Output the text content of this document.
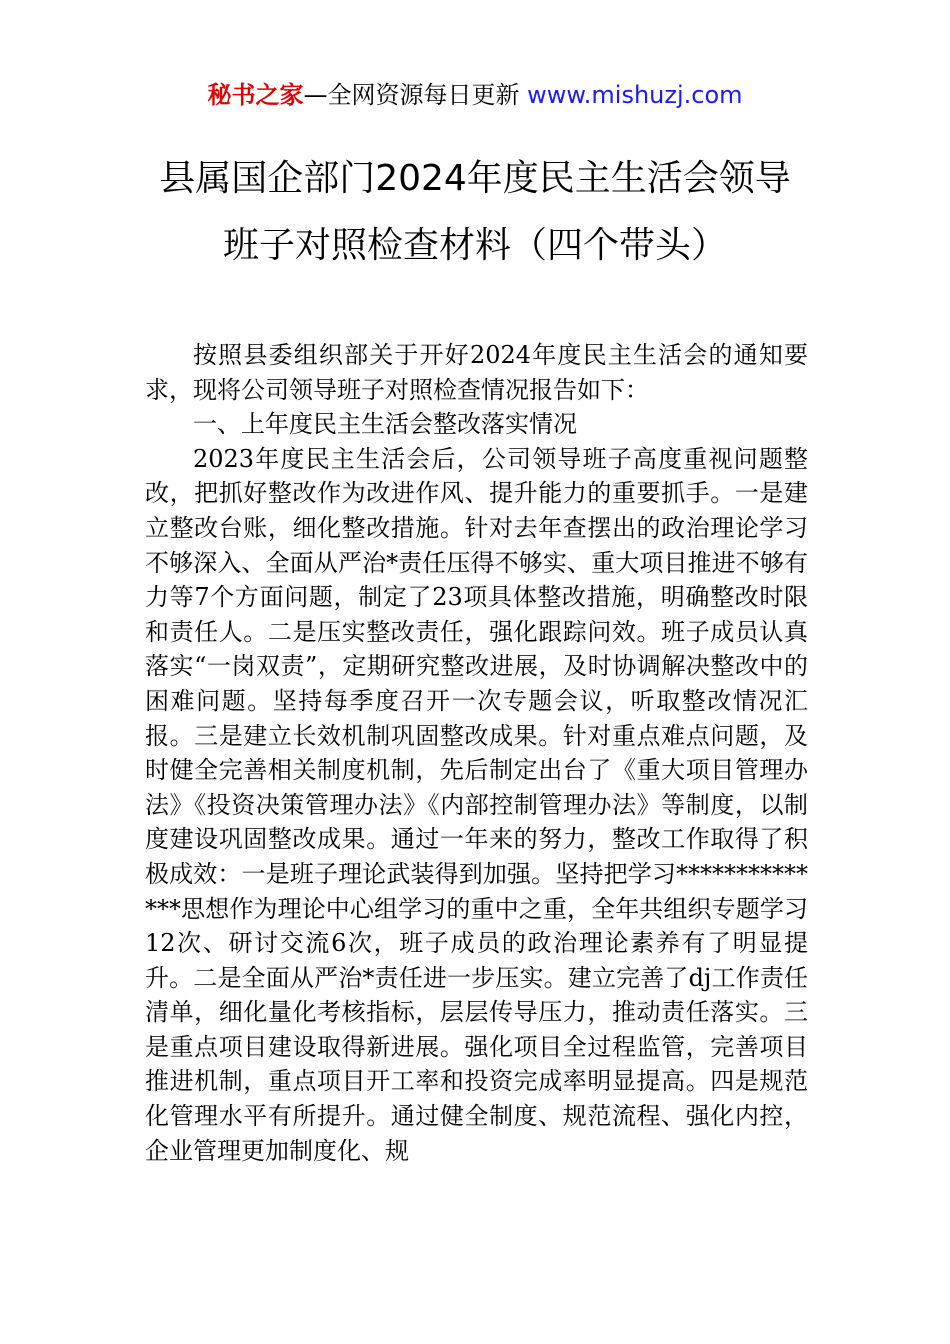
秘书之家—全网资源每日更新 www.mishuzj.com
县属国企部门2024年度民主生活会领导
班子对照检查材料（四个带头）

按照县委组织部关于开好2024年度民主生活会的通知要求，现将公司领导班子对照检查情况报告如下：

一、上年度民主生活会整改落实情况

2023年度民主生活会后，公司领导班子高度重视问题整改，把抓好整改作为改进作风、提升能力的重要抓手。一是建立整改台账，细化整改措施。针对去年查摆出的政治理论学习不够深入、全面从严治*责任压得不够实、重大项目推进不够有力等7个方面问题，制定了23项具体整改措施，明确整改时限和责任人。二是压实整改责任，强化跟踪问效。班子成员认真落实“一岗双责”，定期研究整改进展，及时协调解决整改中的困难问题。坚持每季度召开一次专题会议，听取整改情况汇报。三是建立长效机制巩固整改成果。针对重点难点问题，及时健全完善相关制度机制，先后制定出台了《重大项目管理办法》《投资决策管理办法》《内部控制管理办法》等制度，以制度建设巩固整改成果。通过一年来的努力，整改工作取得了积极成效：一是班子理论武装得到加强。坚持把学习**************思想作为理论中心组学习的重中之重，全年共组织专题学习12次、研讨交流6次，班子成员的政治理论素养有了明显提升。二是全面从严治*责任进一步压实。建立完善了dj工作责任清单，细化量化考核指标，层层传导压力，推动责任落实。三是重点项目建设取得新进展。强化项目全过程监管，完善项目推进机制，重点项目开工率和投资完成率明显提高。四是规范化管理水平有所提升。通过健全制度、规范流程、强化内控，企业管理更加制度化、规
